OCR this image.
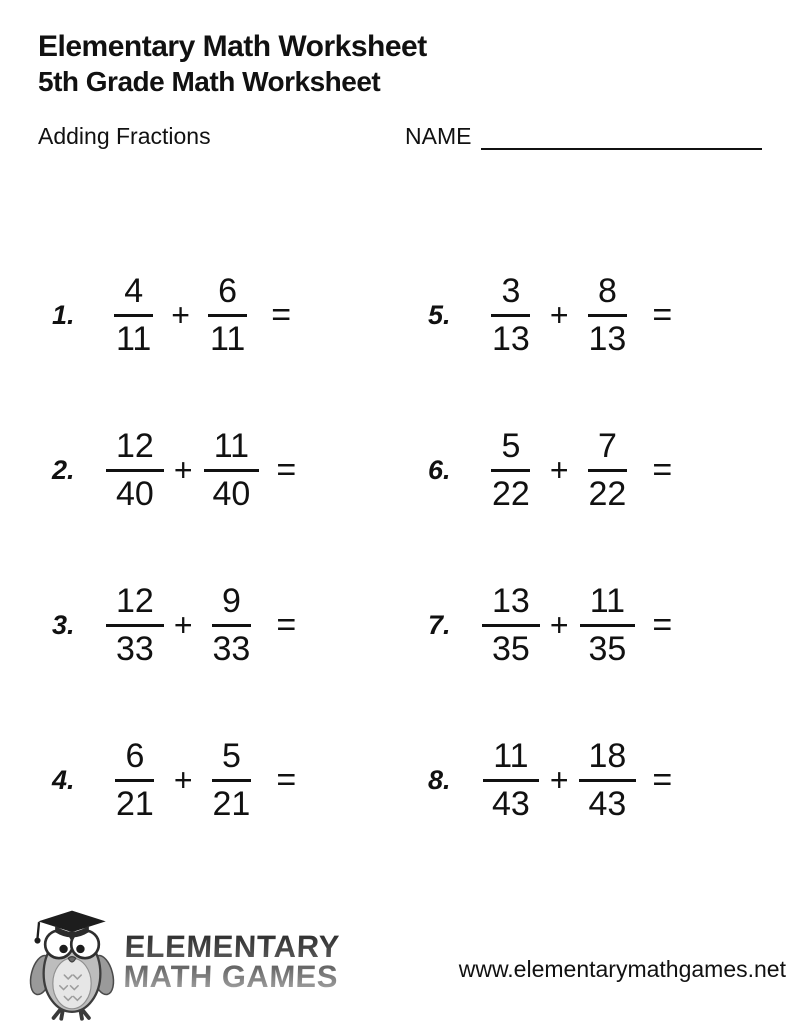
Elementary Math Worksheet
5th Grade Math Worksheet
Adding Fractions	NAME
1. $\frac{4}{11} + \frac{6}{11}$ =
2. $\frac{12}{40} + \frac{11}{40}$ =
3. $\frac{12}{33} + \frac{9}{33}$ =
4. $\frac{6}{21} + \frac{5}{21}$ =
5. $\frac{3}{13} + \frac{8}{13}$ =
6. $\frac{5}{22} + \frac{7}{22}$ =
7. $\frac{13}{35} + \frac{11}{35}$ =
8. $\frac{11}{43} + \frac{18}{43}$ =
ELEMENTARY
MATH GAMES	www.elementarymathgames.net
